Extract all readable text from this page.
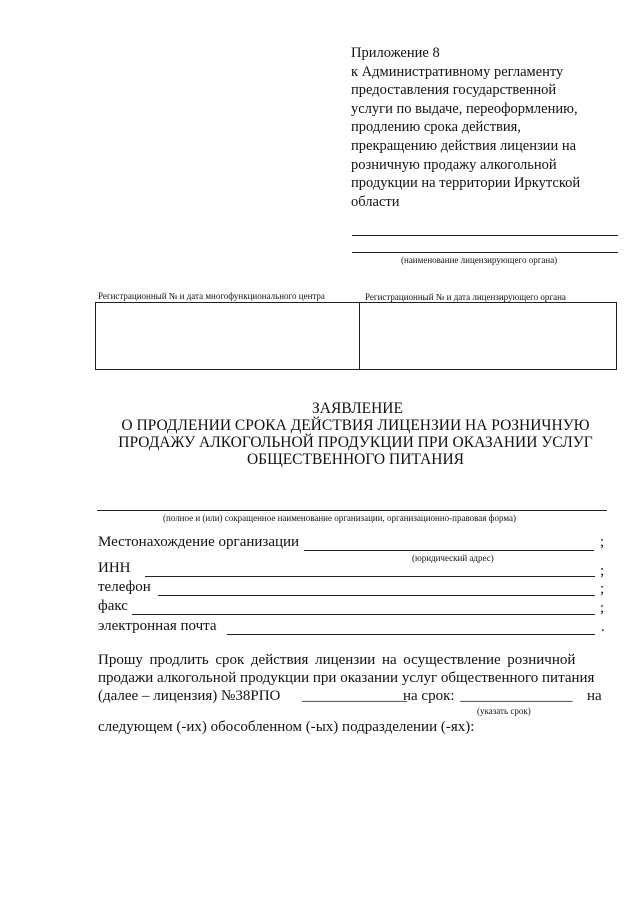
Приложение 8
к Административному регламенту
предоставления государственной
услуги по выдаче, переоформлению,
продлению срока действия,
прекращению действия лицензии на
розничную продажу алкогольной
продукции на территории Иркутской
области
(наименование лицензирующего органа)
Регистрационный № и дата многофункционального центра	Регистрационный № и дата лицензирующего органа
ЗАЯВЛЕНИЕ
О ПРОДЛЕНИИ СРОКА ДЕЙСТВИЯ ЛИЦЕНЗИИ НА РОЗНИЧНУЮ
ПРОДАЖУ АЛКОГОЛЬНОЙ ПРОДУКЦИИ ПРИ ОКАЗАНИИ УСЛУГ
ОБЩЕСТВЕННОГО ПИТАНИЯ
(полное и (или) сокращенное наименование организации, организационно-правовая форма)
Местонахождение организации	;
(юридический адрес)
ИНН	;
телефон	;
факс	;
электронная почта	.
Прошу продлить срок действия лицензии на осуществление розничной
продажи алкогольной продукции при оказании услуг общественного питания
(далее – лицензия) №38РПО ______________
на срок: _______________ на
(указать срок)
следующем (-их) обособленном (-ых) подразделении (-ях):
